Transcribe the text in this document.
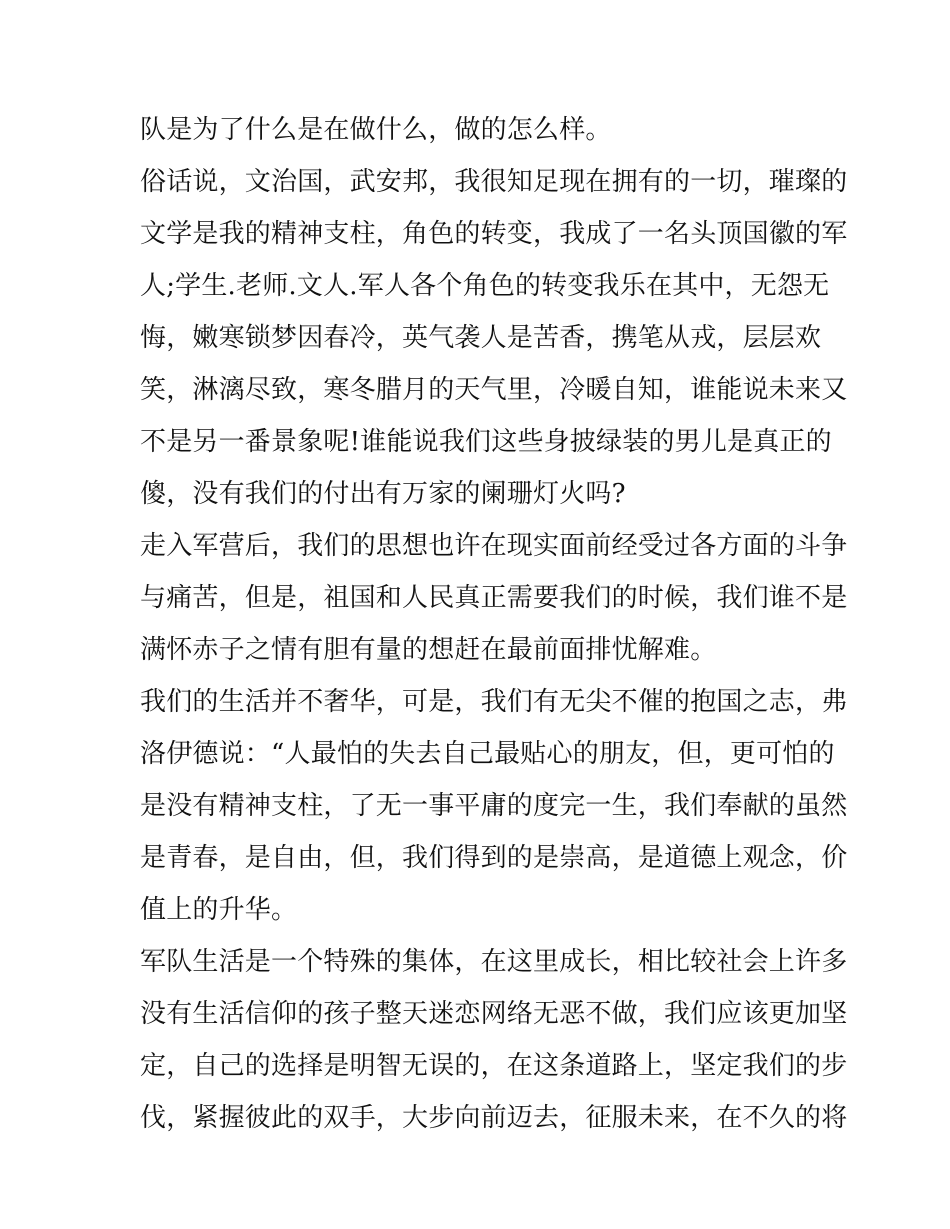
队是为了什么是在做什么，做的怎么样。
俗话说，文治国，武安邦，我很知足现在拥有的一切，璀璨的
文学是我的精神支柱，角色的转变，我成了一名头顶国徽的军
人;学生.老师.文人.军人各个角色的转变我乐在其中，无怨无
悔，嫩寒锁梦因春冷，英气袭人是苦香，携笔从戎，层层欢
笑，淋漓尽致，寒冬腊月的天气里，冷暖自知，谁能说未来又
不是另一番景象呢!谁能说我们这些身披绿装的男儿是真正的
傻，没有我们的付出有万家的阑珊灯火吗?
走入军营后，我们的思想也许在现实面前经受过各方面的斗争
与痛苦，但是，祖国和人民真正需要我们的时候，我们谁不是
满怀赤子之情有胆有量的想赶在最前面排忧解难。
我们的生活并不奢华，可是，我们有无尖不催的抱国之志，弗
洛伊德说：“人最怕的失去自己最贴心的朋友，但，更可怕的
是没有精神支柱，了无一事平庸的度完一生，我们奉献的虽然
是青春，是自由，但，我们得到的是崇高，是道德上观念，价
值上的升华。
军队生活是一个特殊的集体，在这里成长，相比较社会上许多
没有生活信仰的孩子整天迷恋网络无恶不做，我们应该更加坚
定，自己的选择是明智无误的，在这条道路上，坚定我们的步
伐，紧握彼此的双手，大步向前迈去，征服未来，在不久的将
